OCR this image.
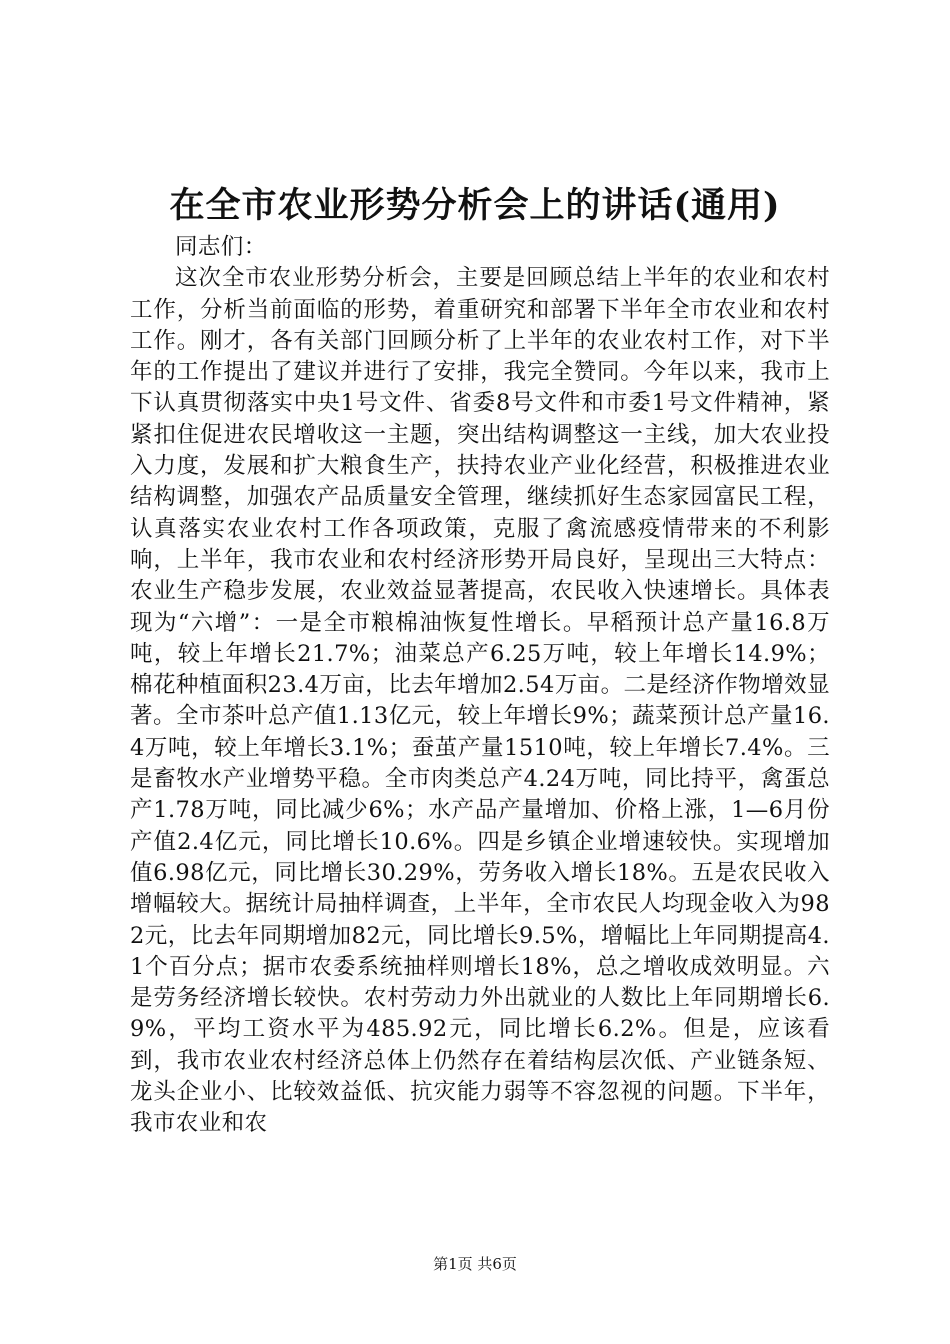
在全市农业形势分析会上的讲话(通用)

同志们：

这次全市农业形势分析会，主要是回顾总结上半年的农业和农村工作，分析当前面临的形势，着重研究和部署下半年全市农业和农村工作。刚才，各有关部门回顾分析了上半年的农业农村工作，对下半年的工作提出了建议并进行了安排，我完全赞同。今年以来，我市上下认真贯彻落实中央1号文件、省委8号文件和市委1号文件精神，紧紧扣住促进农民增收这一主题，突出结构调整这一主线，加大农业投入力度，发展和扩大粮食生产，扶持农业产业化经营，积极推进农业结构调整，加强农产品质量安全管理，继续抓好生态家园富民工程，认真落实农业农村工作各项政策，克服了禽流感疫情带来的不利影响，上半年，我市农业和农村经济形势开局良好，呈现出三大特点：农业生产稳步发展，农业效益显著提高，农民收入快速增长。具体表现为“六增”：一是全市粮棉油恢复性增长。早稻预计总产量16.8万吨，较上年增长21.7%；油菜总产6.25万吨，较上年增长14.9%；棉花种植面积23.4万亩，比去年增加2.54万亩。二是经济作物增效显著。全市茶叶总产值1.13亿元，较上年增长9%；蔬菜预计总产量16.4万吨，较上年增长3.1%；蚕茧产量1510吨，较上年增长7.4%。三是畜牧水产业增势平稳。全市肉类总产4.24万吨，同比持平，禽蛋总产1.78万吨，同比减少6%；水产品产量增加、价格上涨，1—6月份产值2.4亿元，同比增长10.6%。四是乡镇企业增速较快。实现增加值6.98亿元，同比增长30.29%，劳务收入增长18%。五是农民收入增幅较大。据统计局抽样调查，上半年，全市农民人均现金收入为982元，比去年同期增加82元，同比增长9.5%，增幅比上年同期提高4.1个百分点；据市农委系统抽样则增长18%，总之增收成效明显。六是劳务经济增长较快。农村劳动力外出就业的人数比上年同期增长6.9%，平均工资水平为485.92元，同比增长6.2%。但是，应该看到，我市农业农村经济总体上仍然存在着结构层次低、产业链条短、龙头企业小、比较效益低、抗灾能力弱等不容忽视的问题。下半年，我市农业和农

第1页 共6页
